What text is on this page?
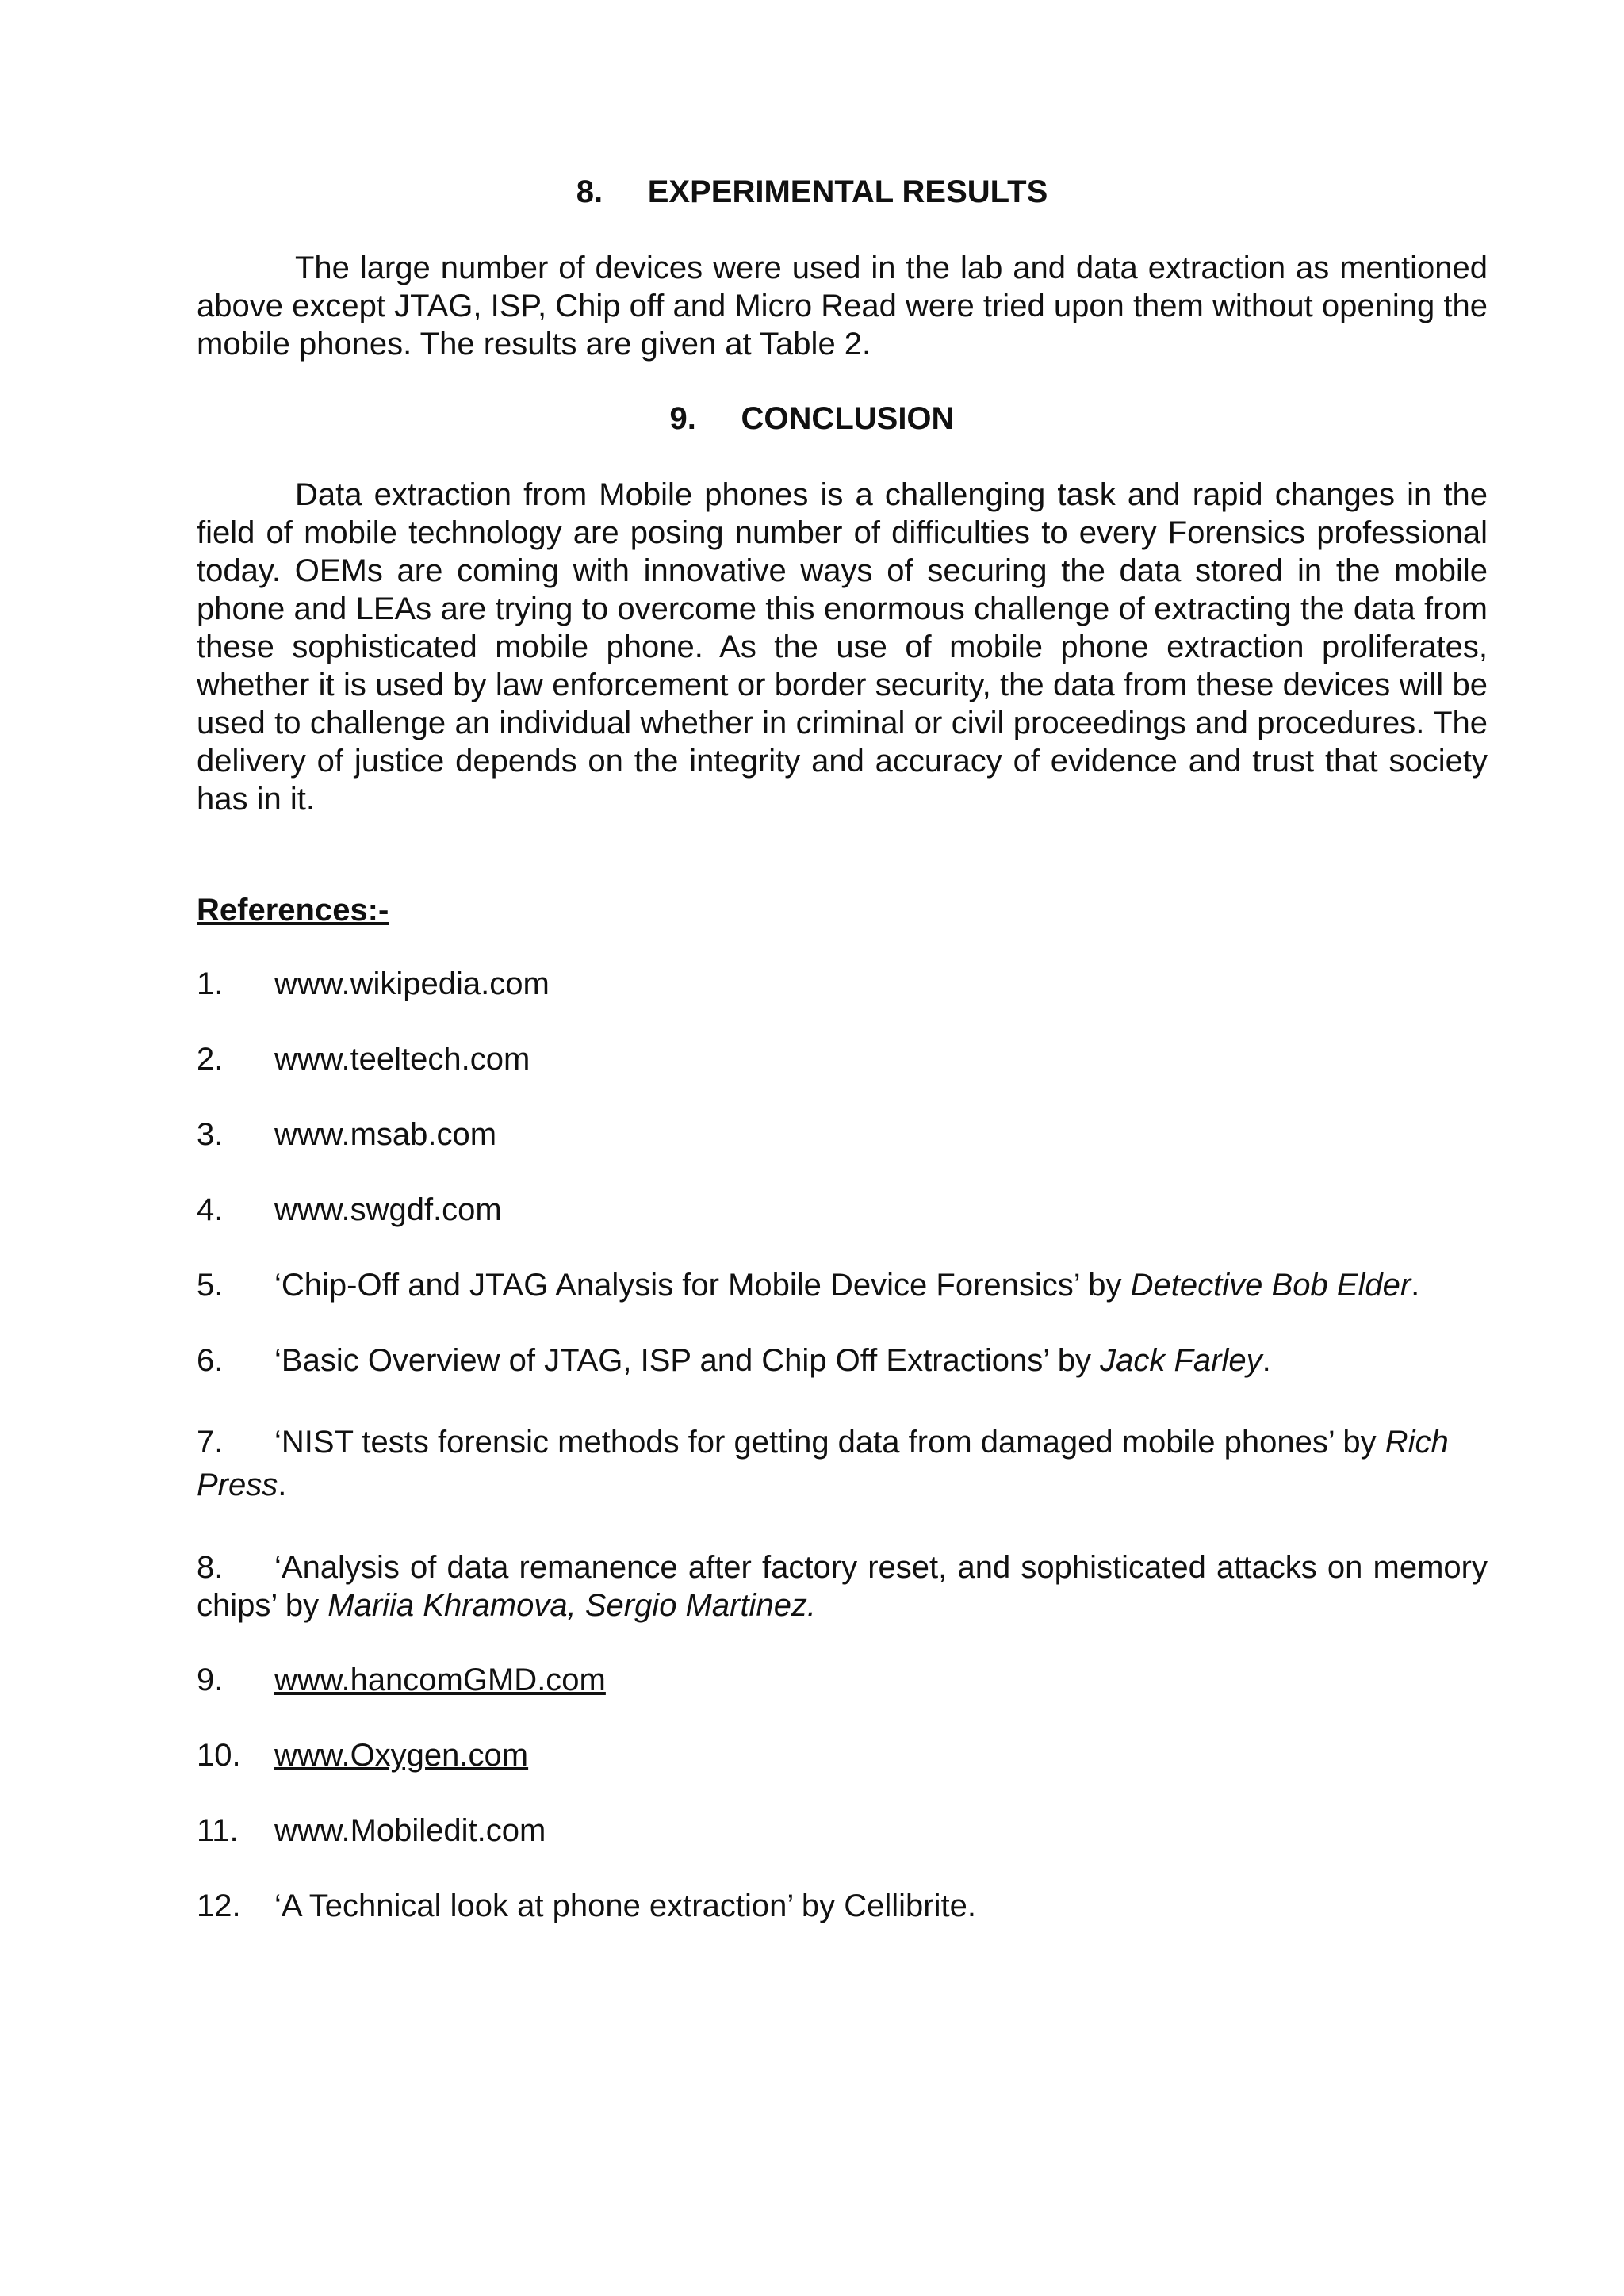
8. EXPERIMENTAL RESULTS

The large number of devices were used in the lab and data extraction as mentioned above except JTAG, ISP, Chip off and Micro Read were tried upon them without opening the mobile phones. The results are given at Table 2.

9. CONCLUSION

Data extraction from Mobile phones is a challenging task and rapid changes in the field of mobile technology are posing number of difficulties to every Forensics professional today. OEMs are coming with innovative ways of securing the data stored in the mobile phone and LEAs are trying to overcome this enormous challenge of extracting the data from these sophisticated mobile phone. As the use of mobile phone extraction proliferates, whether it is used by law enforcement or border security, the data from these devices will be used to challenge an individual whether in criminal or civil proceedings and procedures. The delivery of justice depends on the integrity and accuracy of evidence and trust that society has in it.

References:-

1. www.wikipedia.com

2. www.teeltech.com

3. www.msab.com

4. www.swgdf.com

5. ‘Chip-Off and JTAG Analysis for Mobile Device Forensics’ by Detective Bob Elder.

6. ‘Basic Overview of JTAG, ISP and Chip Off Extractions’ by Jack Farley.

7. ‘NIST tests forensic methods for getting data from damaged mobile phones’ by Rich Press.

8. ‘Analysis of data remanence after factory reset, and sophisticated attacks on memory chips’ by Mariia Khramova, Sergio Martinez.

9. www.hancomGMD.com

10. www.Oxygen.com

11. www.Mobiledit.com

12. ‘A Technical look at phone extraction’ by Cellibrite.
